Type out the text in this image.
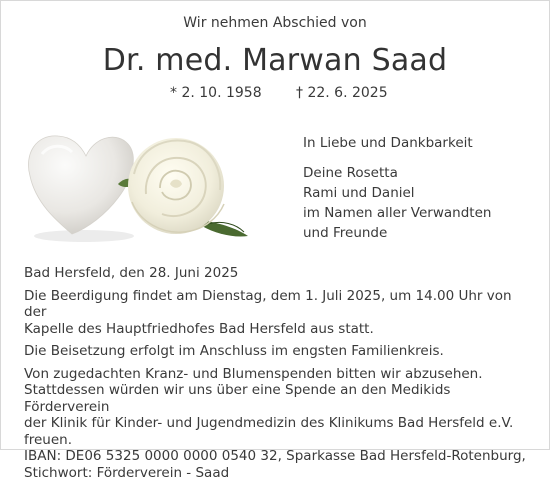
Wir nehmen Abschied von
Dr. med. Marwan Saad
* 2. 10. 1958 † 22. 6. 2025
In Liebe und Dankbarkeit
Deine Rosetta
Rami und Daniel
im Namen aller Verwandten
und Freunde

Bad Hersfeld, den 28. Juni 2025

Die Beerdigung findet am Dienstag, dem 1. Juli 2025, um 14.00 Uhr von der

Kapelle des Hauptfriedhofes Bad Hersfeld aus statt.

Die Beisetzung erfolgt im Anschluss im engsten Familienkreis.

Von zugedachten Kranz- und Blumenspenden bitten wir abzusehen.

Stattdessen würden wir uns über eine Spende an den Medikids Förderverein

der Klinik für Kinder- und Jugendmedizin des Klinikums Bad Hersfeld e.V. freuen.

IBAN: DE06 5325 0000 0000 0540 32, Sparkasse Bad Hersfeld-Rotenburg,

Stichwort: Förderverein - Saad
